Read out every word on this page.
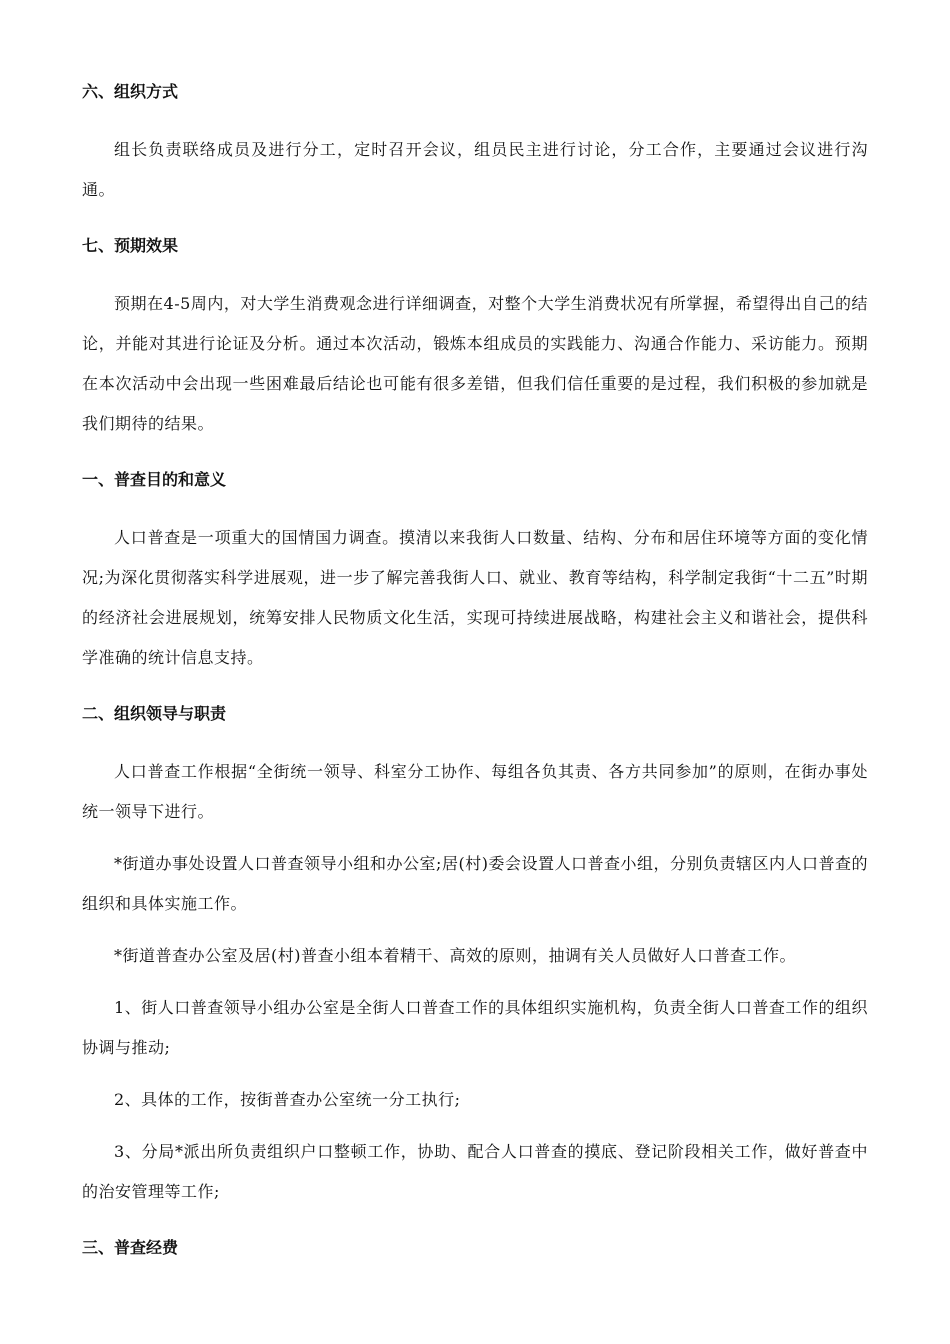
六、组织方式

组长负责联络成员及进行分工，定时召开会议，组员民主进行讨论，分工合作，主要通过会议进行沟通。

七、预期效果

预期在4-5周内，对大学生消费观念进行详细调查，对整个大学生消费状况有所掌握，希望得出自己的结论，并能对其进行论证及分析。通过本次活动，锻炼本组成员的实践能力、沟通合作能力、采访能力。预期在本次活动中会出现一些困难最后结论也可能有很多差错，但我们信任重要的是过程，我们积极的参加就是我们期待的结果。

一、普查目的和意义

人口普查是一项重大的国情国力调查。摸清以来我街人口数量、结构、分布和居住环境等方面的变化情况;为深化贯彻落实科学进展观，进一步了解完善我街人口、就业、教育等结构，科学制定我街“十二五”时期的经济社会进展规划，统筹安排人民物质文化生活，实现可持续进展战略，构建社会主义和谐社会，提供科学准确的统计信息支持。

二、组织领导与职责

人口普查工作根据“全街统一领导、科室分工协作、每组各负其责、各方共同参加”的原则，在街办事处统一领导下进行。

*街道办事处设置人口普查领导小组和办公室;居(村)委会设置人口普查小组，分别负责辖区内人口普查的组织和具体实施工作。

*街道普查办公室及居(村)普查小组本着精干、高效的原则，抽调有关人员做好人口普查工作。

1、街人口普查领导小组办公室是全街人口普查工作的具体组织实施机构，负责全街人口普查工作的组织协调与推动;

2、具体的工作，按街普查办公室统一分工执行;

3、分局*派出所负责组织户口整顿工作，协助、配合人口普查的摸底、登记阶段相关工作，做好普查中的治安管理等工作;

三、普查经费
